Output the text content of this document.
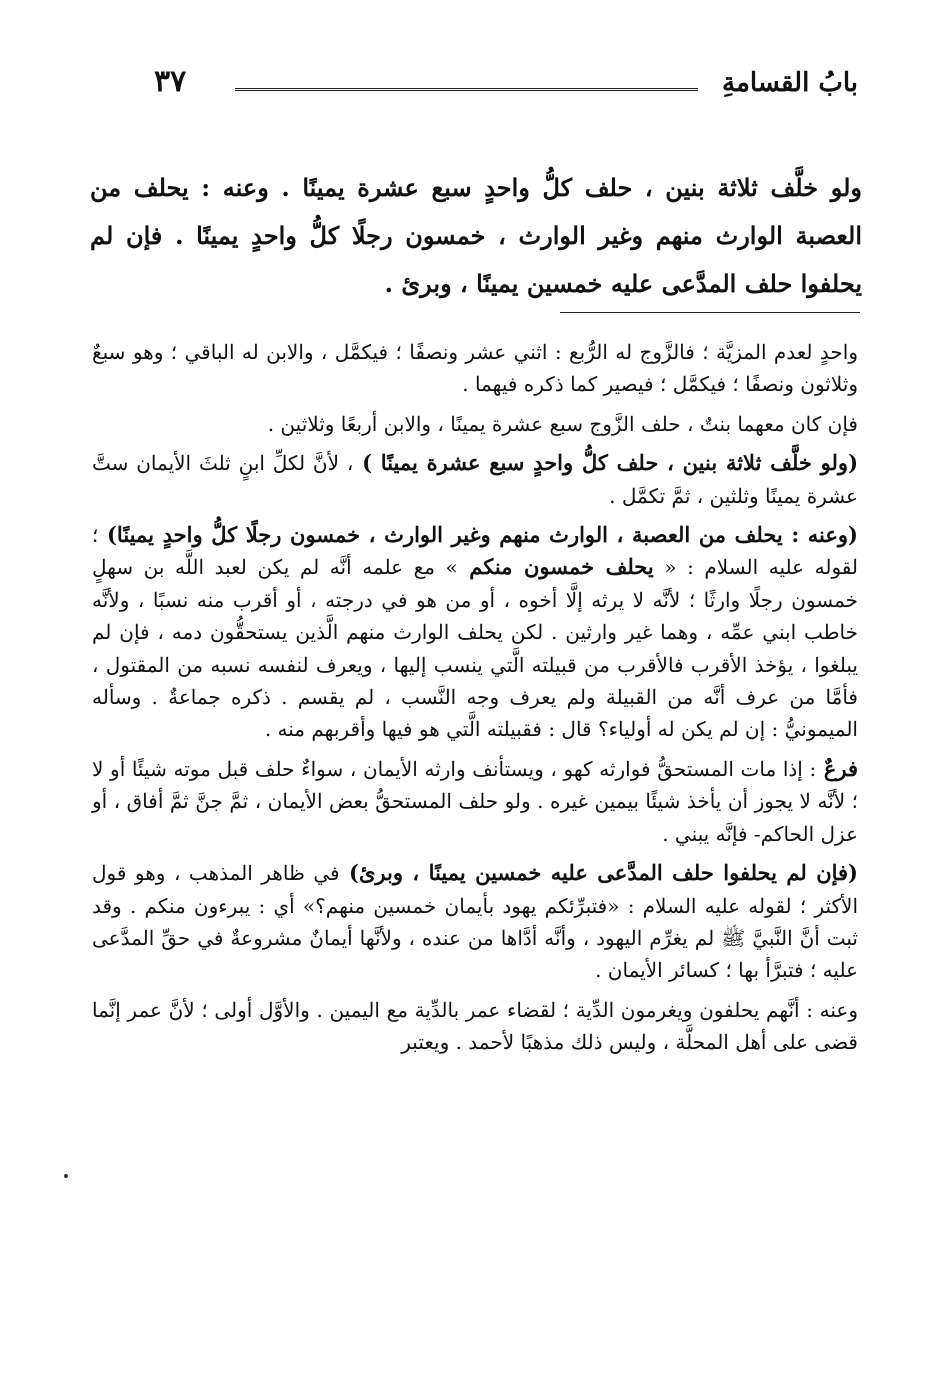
بابُ القسامةِ
٣٧

ولو خلَّف ثلاثة بنين ، حلف كلُّ واحدٍ سبع عشرة يمينًا . وعنه : يحلف من العصبة الوارث منهم وغير الوارث ، خمسون رجلًا كلُّ واحدٍ يمينًا . فإن لم يحلفوا حلف المدَّعى عليه خمسين يمينًا ، وبرئ .

واحدٍ لعدم المزيَّة ؛ فالزَّوج له الرُّبع : اثني عشر ونصفًا ؛ فيكمَّل ، والابن له الباقي ؛ وهو سبعٌ وثلاثون ونصفًا ؛ فيكمَّل ؛ فيصير كما ذكره فيهما .

فإن كان معهما بنتٌ ، حلف الزَّوج سبع عشرة يمينًا ، والابن أربعًا وثلاثين .

(ولو خلَّف ثلاثة بنين ، حلف كلُّ واحدٍ سبع عشرة يمينًا ) ، لأنَّ لكلِّ ابنٍ ثلثَ الأيمان ستَّ عشرة يمينًا وثلثين ، ثمَّ تكمَّل .

(وعنه : يحلف من العصبة ، الوارث منهم وغير الوارث ، خمسون رجلًا كلُّ واحدٍ يمينًا) ؛ لقوله عليه السلام : « يحلف خمسون منكم » مع علمه أنَّه لم يكن لعبد اللَّه بن سهلٍ خمسون رجلًا وارثًا ؛ لأنَّه لا يرثه إلَّا أخوه ، أو من هو في درجته ، أو أقرب منه نسبًا ، ولأنَّه خاطب ابني عمِّه ، وهما غير وارثين . لكن يحلف الوارث منهم الَّذين يستحقُّون دمه ، فإن لم يبلغوا ، يؤخذ الأقرب فالأقرب من قبيلته الَّتي ينسب إليها ، ويعرف لنفسه نسبه من المقتول ، فأمَّا من عرف أنَّه من القبيلة ولم يعرف وجه النَّسب ، لم يقسم . ذكره جماعةٌ . وسأله الميمونيُّ : إن لم يكن له أولياء؟ قال : فقبيلته الَّتي هو فيها وأقربهم منه .

فرعٌ : إذا مات المستحقُّ فوارثه كهو ، ويستأنف وارثه الأيمان ، سواءٌ حلف قبل موته شيئًا أو لا ؛ لأنَّه لا يجوز أن يأخذ شيئًا بيمين غيره . ولو حلف المستحقُّ بعض الأيمان ، ثمَّ جنَّ ثمَّ أفاق ، أو عزل الحاكم- فإنَّه يبني .

(فإن لم يحلفوا حلف المدَّعى عليه خمسين يمينًا ، وبرئ) في ظاهر المذهب ، وهو قول الأكثر ؛ لقوله عليه السلام : «فتبرِّئكم يهود بأيمان خمسين منهم؟» أي : يبرءون منكم . وقد ثبت أنَّ النَّبيَّ ﷺ لم يغرِّم اليهود ، وأنَّه أدَّاها من عنده ، ولأنَّها أيمانٌ مشروعةٌ في حقِّ المدَّعى عليه ؛ فتبرَّأ بها ؛ كسائر الأيمان .

وعنه : أنَّهم يحلفون ويغرمون الدِّية ؛ لقضاء عمر بالدِّية مع اليمين . والأوَّل أولى ؛ لأنَّ عمر إنَّما قضى على أهل المحلَّة ، وليس ذلك مذهبًا لأحمد . ويعتبر
